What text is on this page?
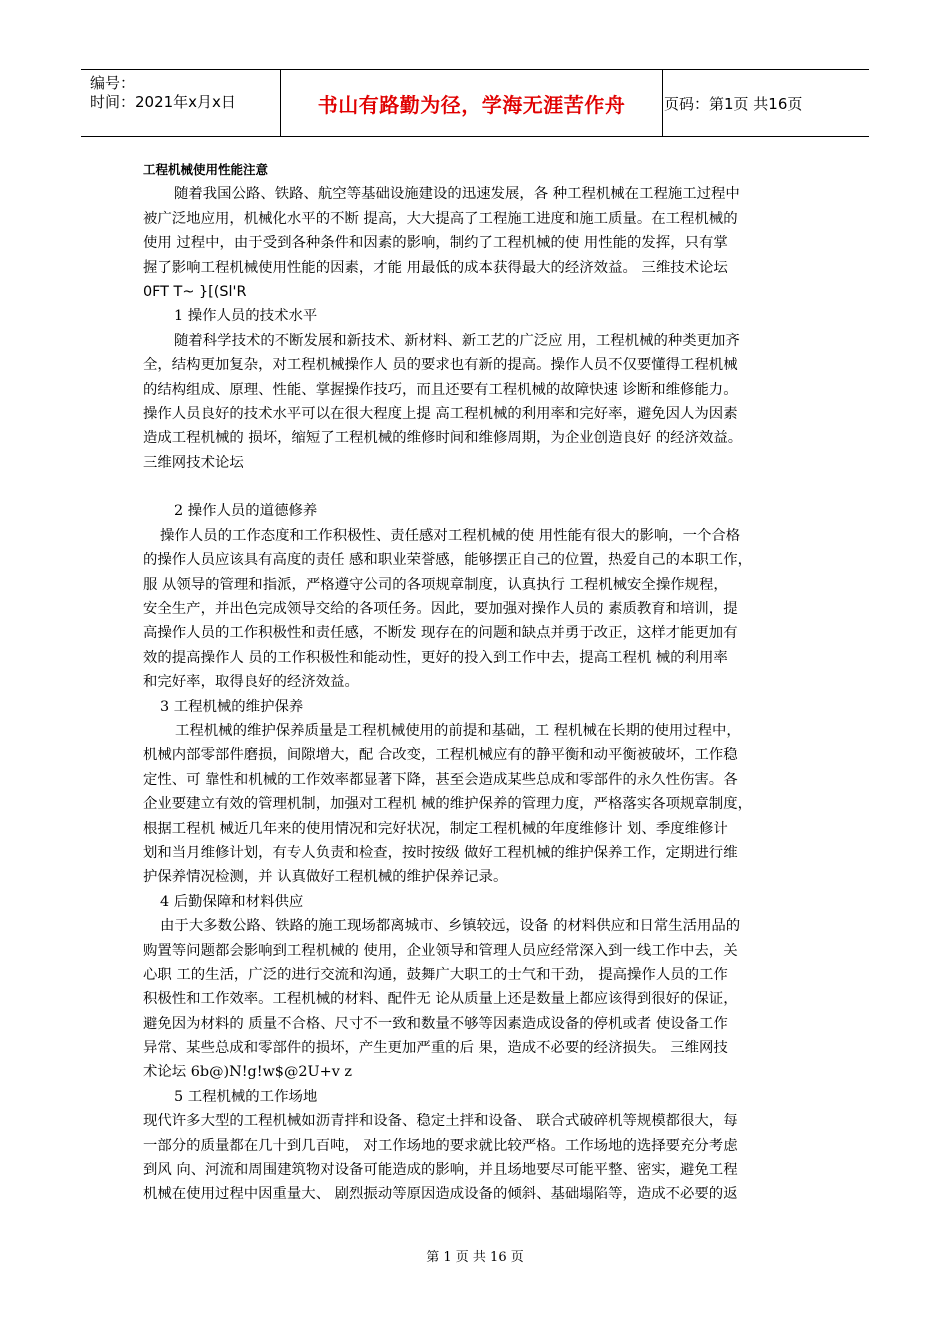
编号：
时间：2021年x月x日	书山有路勤为径，学海无涯苦作舟	页码：第1页 共16页
工程机械使用性能注意
随着我国公路、铁路、航空等基础设施建设的迅速发展，各 种工程机械在工程施工过程中
被广泛地应用，机械化水平的不断 提高，大大提高了工程施工进度和施工质量。在工程机械的
使用 过程中，由于受到各种条件和因素的影响，制约了工程机械的使 用性能的发挥，只有掌
握了影响工程机械使用性能的因素，才能 用最低的成本获得最大的经济效益。 三维技术论坛
0FT T~ }[(Sl'R
1 操作人员的技术水平
随着科学技术的不断发展和新技术、新材料、新工艺的广泛应 用，工程机械的种类更加齐
全，结构更加复杂，对工程机械操作人 员的要求也有新的提高。操作人员不仅要懂得工程机械
的结构组成、原理、性能、掌握操作技巧，而且还要有工程机械的故障快速 诊断和维修能力。
操作人员良好的技术水平可以在很大程度上提 高工程机械的利用率和完好率，避免因人为因素
造成工程机械的 损坏，缩短了工程机械的维修时间和维修周期，为企业创造良好 的经济效益。
三维网技术论坛
2 操作人员的道德修养
操作人员的工作态度和工作积极性、责任感对工程机械的使 用性能有很大的影响，一个合格
的操作人员应该具有高度的责任 感和职业荣誉感，能够摆正自己的位置，热爱自己的本职工作，
服 从领导的管理和指派，严格遵守公司的各项规章制度，认真执行 工程机械安全操作规程，
安全生产，并出色完成领导交给的各项任务。因此，要加强对操作人员的 素质教育和培训，提
高操作人员的工作积极性和责任感，不断发 现存在的问题和缺点并勇于改正，这样才能更加有
效的提高操作人 员的工作积极性和能动性，更好的投入到工作中去，提高工程机 械的利用率
和完好率，取得良好的经济效益。
3 工程机械的维护保养
工程机械的维护保养质量是工程机械使用的前提和基础，工 程机械在长期的使用过程中，
机械内部零部件磨损，间隙增大，配 合改变，工程机械应有的静平衡和动平衡被破坏，工作稳
定性、可 靠性和机械的工作效率都显著下降，甚至会造成某些总成和零部件的永久性伤害。各
企业要建立有效的管理机制，加强对工程机 械的维护保养的管理力度，严格落实各项规章制度，
根据工程机 械近几年来的使用情况和完好状况，制定工程机械的年度维修计 划、季度维修计
划和当月维修计划，有专人负责和检查，按时按级 做好工程机械的维护保养工作，定期进行维
护保养情况检测，并 认真做好工程机械的维护保养记录。
4 后勤保障和材料供应
由于大多数公路、铁路的施工现场都离城市、乡镇较远，设备 的材料供应和日常生活用品的
购置等问题都会影响到工程机械的 使用，企业领导和管理人员应经常深入到一线工作中去，关
心职 工的生活，广泛的进行交流和沟通，鼓舞广大职工的士气和干劲， 提高操作人员的工作
积极性和工作效率。工程机械的材料、配件无 论从质量上还是数量上都应该得到很好的保证，
避免因为材料的 质量不合格、尺寸不一致和数量不够等因素造成设备的停机或者 使设备工作
异常、某些总成和零部件的损坏，产生更加严重的后 果，造成不必要的经济损失。 三维网技
术论坛 6b@)N!g!w$@2U+v z
5 工程机械的工作场地
现代许多大型的工程机械如沥青拌和设备、稳定土拌和设备、 联合式破碎机等规模都很大，每
一部分的质量都在几十到几百吨， 对工作场地的要求就比较严格。工作场地的选择要充分考虑
到风 向、河流和周围建筑物对设备可能造成的影响，并且场地要尽可能平整、密实，避免工程
机械在使用过程中因重量大、 剧烈振动等原因造成设备的倾斜、基础塌陷等，造成不必要的返
第 1 页 共 16 页
